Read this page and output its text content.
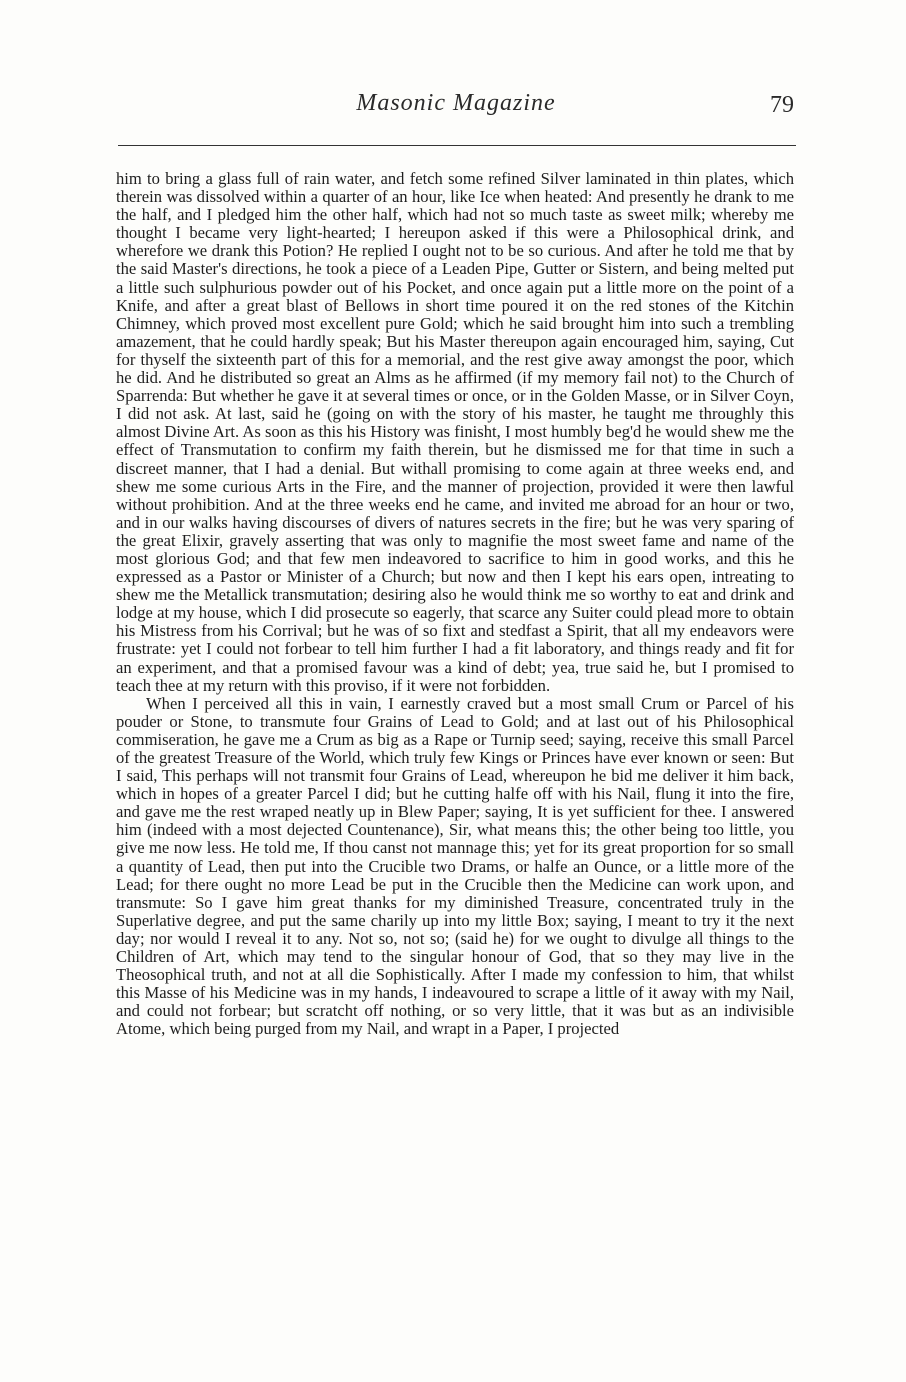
Masonic Magazine	79

him to bring a glass full of rain water, and fetch some refined Silver laminated in thin plates, which therein was dissolved within a quarter of an hour, like Ice when heated: And presently he drank to me the half, and I pledged him the other half, which had not so much taste as sweet milk; whereby me thought I became very light-hearted; I hereupon asked if this were a Philosophical drink, and wherefore we drank this Potion? He replied I ought not to be so curious. And after he told me that by the said Master's directions, he took a piece of a Leaden Pipe, Gutter or Sistern, and being melted put a little such sulphurious powder out of his Pocket, and once again put a little more on the point of a Knife, and after a great blast of Bellows in short time poured it on the red stones of the Kitchin Chimney, which proved most excellent pure Gold; which he said brought him into such a trembling amazement, that he could hardly speak; But his Master thereupon again encouraged him, saying, Cut for thyself the sixteenth part of this for a memorial, and the rest give away amongst the poor, which he did. And he distributed so great an Alms as he affirmed (if my memory fail not) to the Church of Sparrenda: But whether he gave it at several times or once, or in the Golden Masse, or in Silver Coyn, I did not ask. At last, said he (going on with the story of his master, he taught me throughly this almost Divine Art. As soon as this his History was finisht, I most humbly beg'd he would shew me the effect of Transmutation to confirm my faith therein, but he dismissed me for that time in such a discreet manner, that I had a denial. But withall promising to come again at three weeks end, and shew me some curious Arts in the Fire, and the manner of projection, provided it were then lawful without prohibition. And at the three weeks end he came, and invited me abroad for an hour or two, and in our walks having discourses of divers of natures secrets in the fire; but he was very sparing of the great Elixir, gravely asserting that was only to magnifie the most sweet fame and name of the most glorious God; and that few men indeavored to sacrifice to him in good works, and this he expressed as a Pastor or Minister of a Church; but now and then I kept his ears open, intreating to shew me the Metallick transmutation; desiring also he would think me so worthy to eat and drink and lodge at my house, which I did prosecute so eagerly, that scarce any Suiter could plead more to obtain his Mistress from his Corrival; but he was of so fixt and stedfast a Spirit, that all my endeavors were frustrate: yet I could not forbear to tell him further I had a fit laboratory, and things ready and fit for an experiment, and that a promised favour was a kind of debt; yea, true said he, but I promised to teach thee at my return with this proviso, if it were not forbidden.

When I perceived all this in vain, I earnestly craved but a most small Crum or Parcel of his pouder or Stone, to transmute four Grains of Lead to Gold; and at last out of his Philosophical commiseration, he gave me a Crum as big as a Rape or Turnip seed; saying, receive this small Parcel of the greatest Treasure of the World, which truly few Kings or Princes have ever known or seen: But I said, This perhaps will not transmit four Grains of Lead, whereupon he bid me deliver it him back, which in hopes of a greater Parcel I did; but he cutting halfe off with his Nail, flung it into the fire, and gave me the rest wraped neatly up in Blew Paper; saying, It is yet sufficient for thee. I answered him (indeed with a most dejected Countenance), Sir, what means this; the other being too little, you give me now less. He told me, If thou canst not mannage this; yet for its great proportion for so small a quantity of Lead, then put into the Crucible two Drams, or halfe an Ounce, or a little more of the Lead; for there ought no more Lead be put in the Crucible then the Medicine can work upon, and transmute: So I gave him great thanks for my diminished Treasure, concentrated truly in the Superlative degree, and put the same charily up into my little Box; saying, I meant to try it the next day; nor would I reveal it to any. Not so, not so; (said he) for we ought to divulge all things to the Children of Art, which may tend to the singular honour of God, that so they may live in the Theosophical truth, and not at all die Sophistically. After I made my confession to him, that whilst this Masse of his Medicine was in my hands, I indeavoured to scrape a little of it away with my Nail, and could not forbear; but scratcht off nothing, or so very little, that it was but as an indivisible Atome, which being purged from my Nail, and wrapt in a Paper, I projected
